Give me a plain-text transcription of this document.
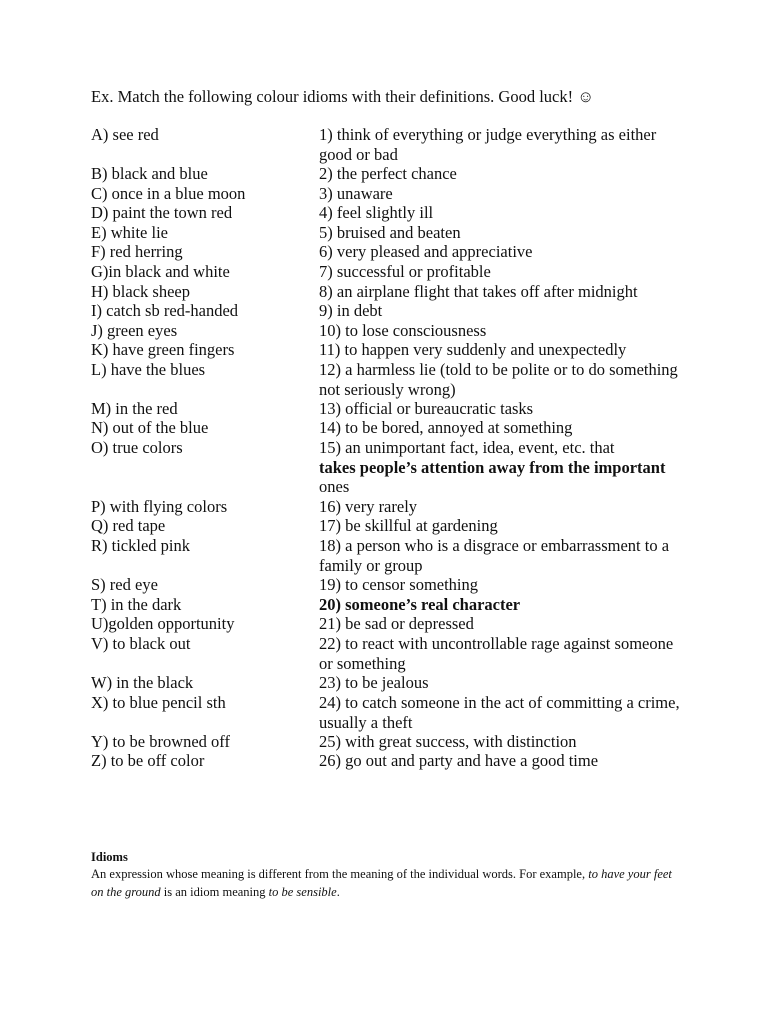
Ex. Match the following colour idioms with their definitions. Good luck! ☺
A) see red	1) think of everything or judge everything as either good or bad
B) black and blue	2) the perfect chance
C) once in a blue moon	3) unaware
D) paint the town red	4) feel slightly ill
E) white lie	5) bruised and beaten
F) red herring	6) very pleased and appreciative
G)in black and white	7) successful or profitable
H) black sheep	8) an airplane flight that takes off after midnight
I) catch sb red-handed	9) in debt
J) green eyes	10) to lose consciousness
K) have green fingers	11) to happen very suddenly and unexpectedly
L) have the blues	12) a harmless lie (told to be polite or to do something not seriously wrong)
M) in the red	13) official or bureaucratic tasks
N) out of the blue	14) to be bored, annoyed at something
O) true colors	15) an unimportant fact, idea, event, etc. that
takes people’s attention away from the important
ones
P) with flying colors	16) very rarely
Q) red tape	17) be skillful at gardening
R) tickled pink	18) a person who is a disgrace or embarrassment to a family or group
S) red eye	19) to censor something
T) in the dark	20) someone’s real character
U)golden opportunity	21) be sad or depressed
V) to black out	22) to react with uncontrollable rage against someone or something
W) in the black	23) to be jealous
X) to blue pencil sth	24) to catch someone in the act of committing a crime, usually a theft
Y) to be browned off	25) with great success, with distinction
Z) to be off color	26) go out and party and have a good time
Idioms
An expression whose meaning is different from the meaning of the individual words. For example, to have your feet on the ground is an idiom meaning to be sensible.
